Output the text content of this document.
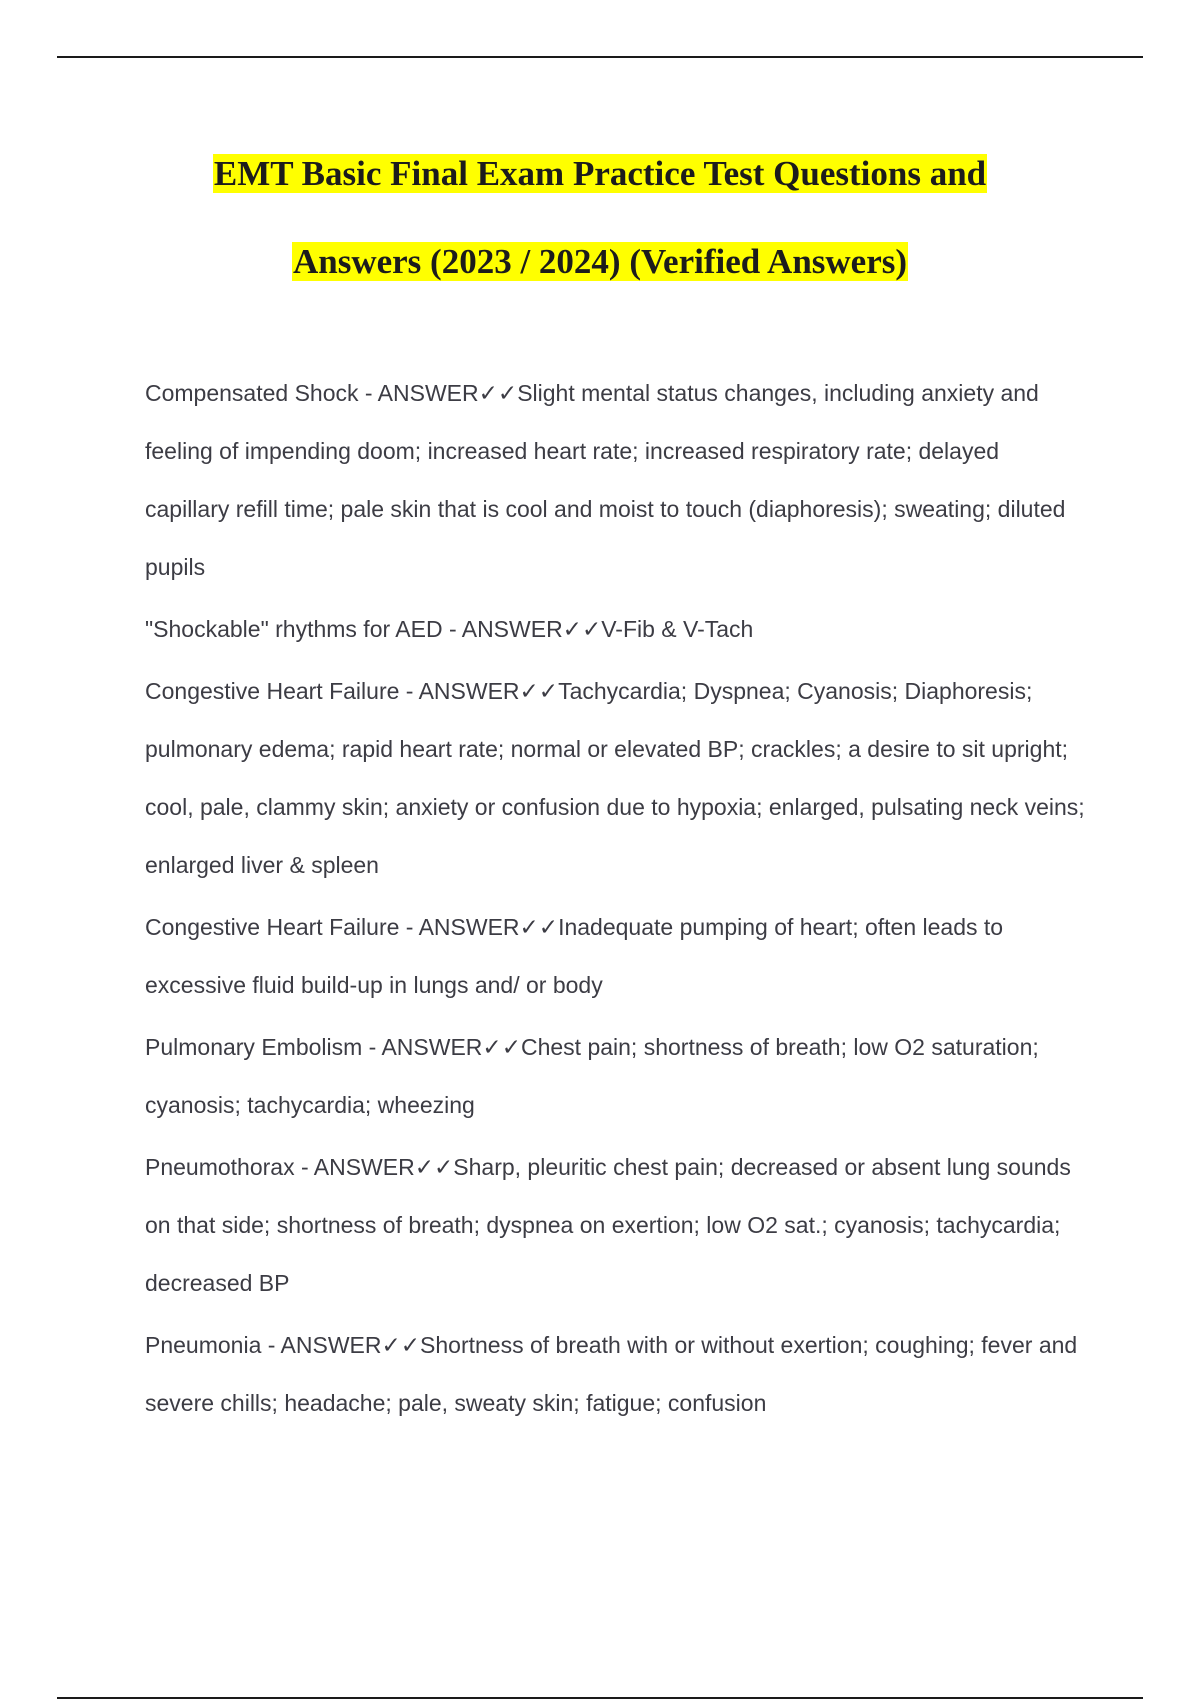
EMT Basic Final Exam Practice Test Questions and
Answers (2023 / 2024) (Verified Answers)

Compensated Shock - ANSWER✓✓Slight mental status changes, including anxiety and feeling of impending doom; increased heart rate; increased respiratory rate; delayed capillary refill time; pale skin that is cool and moist to touch (diaphoresis); sweating; diluted pupils

"Shockable" rhythms for AED - ANSWER✓✓V-Fib & V-Tach

Congestive Heart Failure - ANSWER✓✓Tachycardia; Dyspnea; Cyanosis; Diaphoresis; pulmonary edema; rapid heart rate; normal or elevated BP; crackles; a desire to sit upright; cool, pale, clammy skin; anxiety or confusion due to hypoxia; enlarged, pulsating neck veins; enlarged liver & spleen

Congestive Heart Failure - ANSWER✓✓Inadequate pumping of heart; often leads to excessive fluid build-up in lungs and/ or body

Pulmonary Embolism - ANSWER✓✓Chest pain; shortness of breath; low O2 saturation; cyanosis; tachycardia; wheezing

Pneumothorax - ANSWER✓✓Sharp, pleuritic chest pain; decreased or absent lung sounds on that side; shortness of breath; dyspnea on exertion; low O2 sat.; cyanosis; tachycardia; decreased BP

Pneumonia - ANSWER✓✓Shortness of breath with or without exertion; coughing; fever and severe chills; headache; pale, sweaty skin; fatigue; confusion
